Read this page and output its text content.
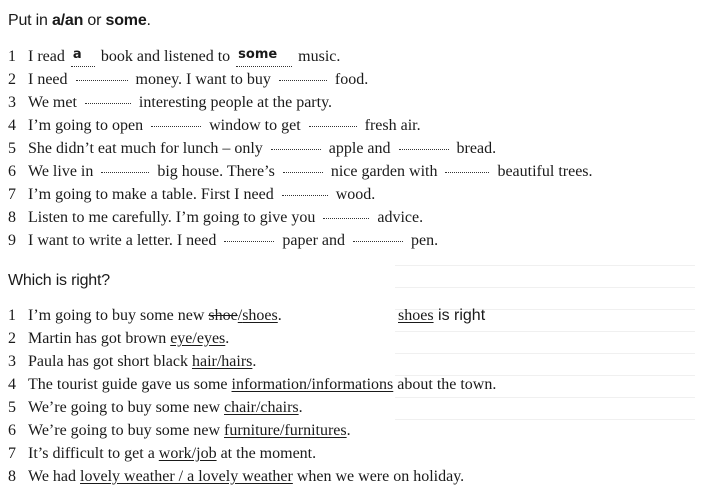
Put in a/an or some.
1 I read a book and listened to some music.
2 I need	money. I want to buy	food.
3 We met	interesting people at the party.
4 I’m going to open	window to get	fresh air.
5 She didn’t eat much for lunch – only	apple and	bread.
6 We live in	big house. There’s	nice garden with	beautiful trees.
7 I’m going to make a table. First I need	wood.
8 Listen to me carefully. I’m going to give you	advice.
9 I want to write a letter. I need	paper and	pen.
Which is right?
1 I’m going to buy some new shoe/shoes.	shoes is right
2 Martin has got brown eye/eyes.
3 Paula has got short black hair/hairs.
4 The tourist guide gave us some information/informations about the town.
5 We’re going to buy some new chair/chairs.
6 We’re going to buy some new furniture/furnitures.
7 It’s difficult to get a work/job at the moment.
8 We had lovely weather / a lovely weather when we were on holiday.
